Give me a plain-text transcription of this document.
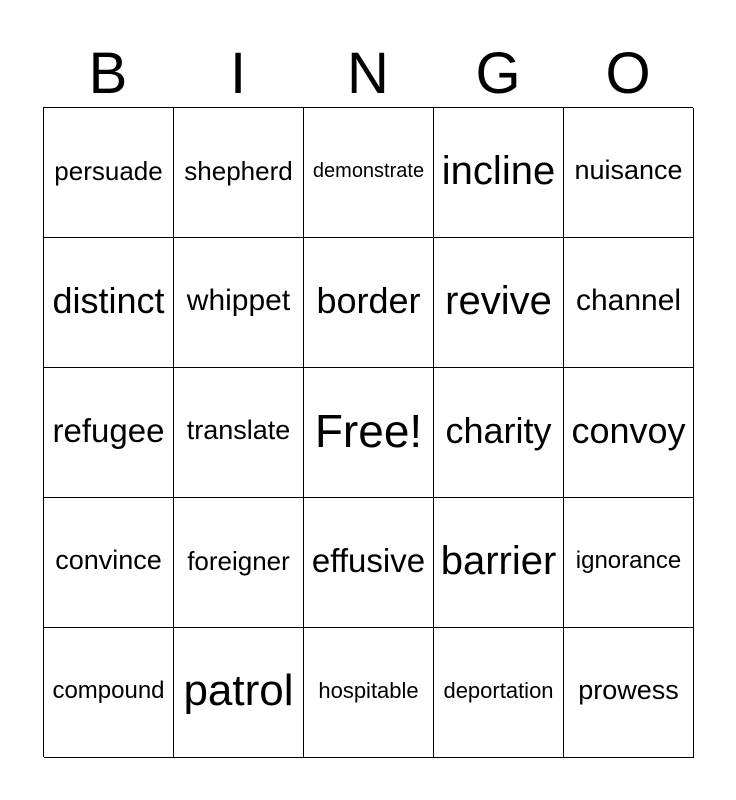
B	I	N	G	O
persuade shepherd	demonstrate incline nuisance
distinct whippet border revive channel
refugee translate Free! charity convoy
convince foreigner effusive barrier ignorance
compound patrol	hospitable	deportation prowess
